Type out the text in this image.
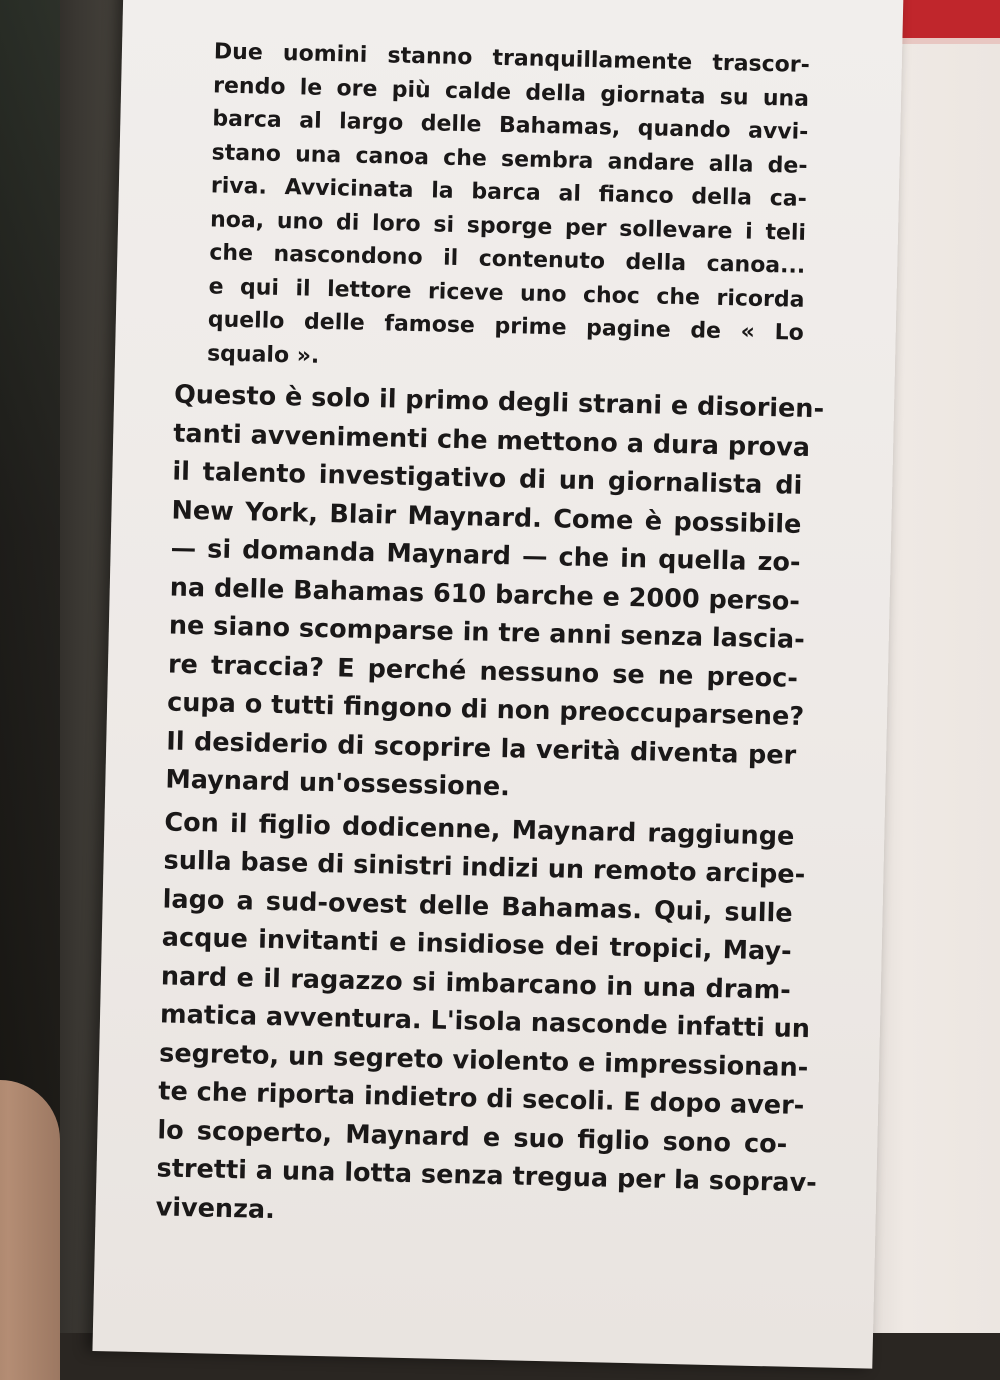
Due uomini stanno tranquillamente trascor-
rendo le ore più calde della giornata su una
barca al largo delle Bahamas, quando avvi-
stano una canoa che sembra andare alla de-
riva. Avvicinata la barca al fianco della ca-
noa, uno di loro si sporge per sollevare i teli
che nascondono il contenuto della canoa...
e qui il lettore riceve uno choc che ricorda
quello delle famose prime pagine de « Lo
squalo ».
Questo è solo il primo degli strani e disorien-
tanti avvenimenti che mettono a dura prova
il talento investigativo di un giornalista di
New York, Blair Maynard. Come è possibile
— si domanda Maynard — che in quella zo-
na delle Bahamas 610 barche e 2000 perso-
ne siano scomparse in tre anni senza lascia-
re traccia? E perché nessuno se ne preoc-
cupa o tutti fingono di non preoccuparsene?
Il desiderio di scoprire la verità diventa per
Maynard un'ossessione.
Con il figlio dodicenne, Maynard raggiunge
sulla base di sinistri indizi un remoto arcipe-
lago a sud-ovest delle Bahamas. Qui, sulle
acque invitanti e insidiose dei tropici, May-
nard e il ragazzo si imbarcano in una dram-
matica avventura. L'isola nasconde infatti un
segreto, un segreto violento e impressionan-
te che riporta indietro di secoli. E dopo aver-
lo scoperto, Maynard e suo figlio sono co-
stretti a una lotta senza tregua per la soprav-
vivenza.
